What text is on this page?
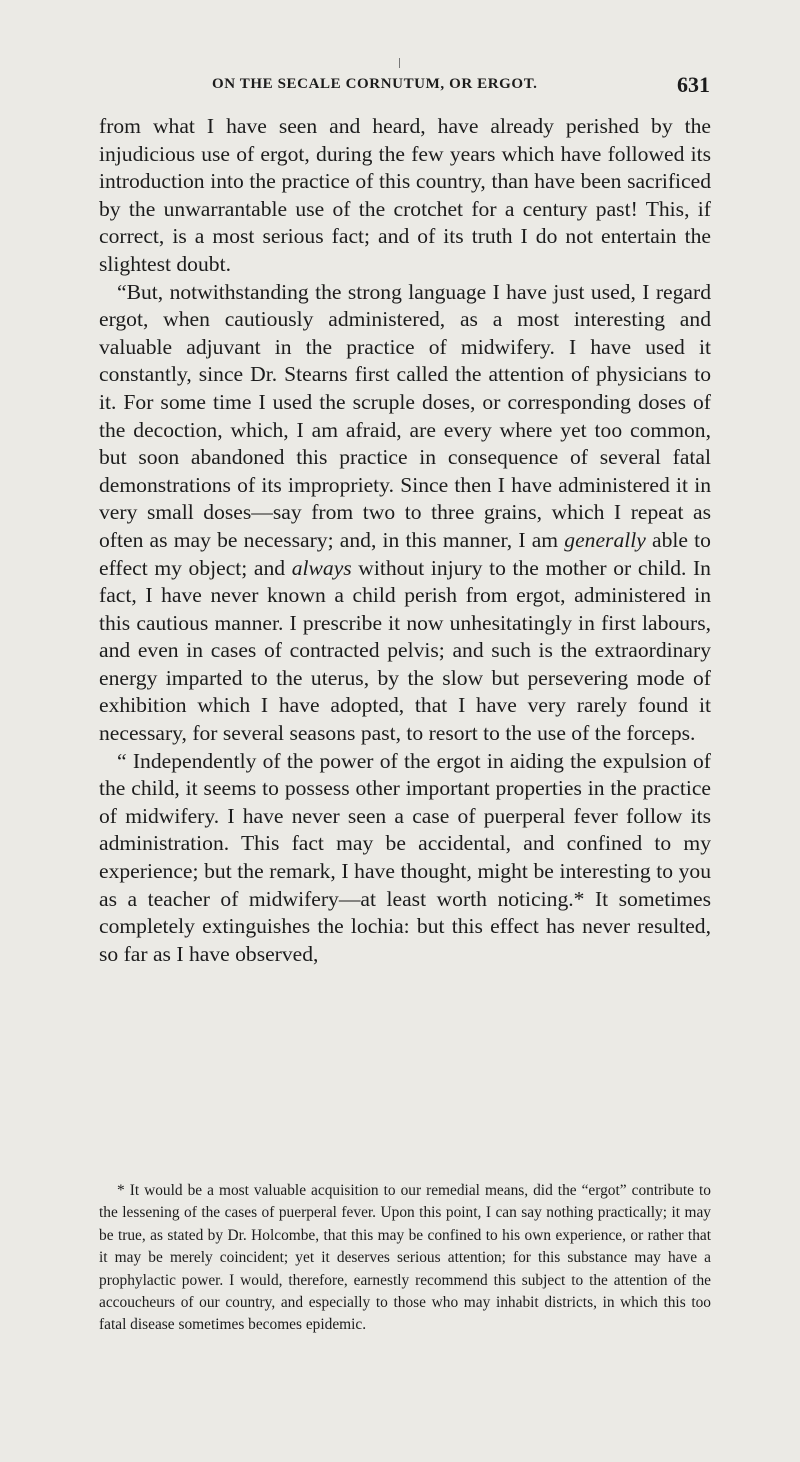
ON THE SECALE CORNUTUM, OR ERGOT.	631

from what I have seen and heard, have already perished by the injudicious use of ergot, during the few years which have followed its introduction into the practice of this country, than have been sacrificed by the unwarrantable use of the crotchet for a century past! This, if correct, is a most serious fact; and of its truth I do not entertain the slightest doubt.

“But, notwithstanding the strong language I have just used, I regard ergot, when cautiously administered, as a most interesting and valuable adjuvant in the practice of midwifery. I have used it constantly, since Dr. Stearns first called the attention of physicians to it. For some time I used the scruple doses, or corresponding doses of the decoction, which, I am afraid, are every where yet too common, but soon abandoned this practice in consequence of several fatal demonstrations of its impropriety. Since then I have administered it in very small doses—say from two to three grains, which I repeat as often as may be necessary; and, in this manner, I am generally able to effect my object; and always without injury to the mother or child. In fact, I have never known a child perish from ergot, administered in this cautious manner. I prescribe it now unhesitatingly in first labours, and even in cases of contracted pelvis; and such is the extraordinary energy imparted to the uterus, by the slow but persevering mode of exhibition which I have adopted, that I have very rarely found it necessary, for several seasons past, to resort to the use of the forceps.

“ Independently of the power of the ergot in aiding the expulsion of the child, it seems to possess other important properties in the practice of midwifery. I have never seen a case of puerperal fever follow its administration. This fact may be accidental, and confined to my experience; but the remark, I have thought, might be interesting to you as a teacher of midwifery—at least worth noticing.* It sometimes completely extinguishes the lochia: but this effect has never resulted, so far as I have observed,

* It would be a most valuable acquisition to our remedial means, did the “ergot” contribute to the lessening of the cases of puerperal fever. Upon this point, I can say nothing practically; it may be true, as stated by Dr. Holcombe, that this may be confined to his own experience, or rather that it may be merely coincident; yet it deserves serious attention; for this substance may have a prophylactic power. I would, therefore, earnestly recommend this subject to the attention of the accoucheurs of our country, and especially to those who may inhabit districts, in which this too fatal disease sometimes becomes epidemic.
